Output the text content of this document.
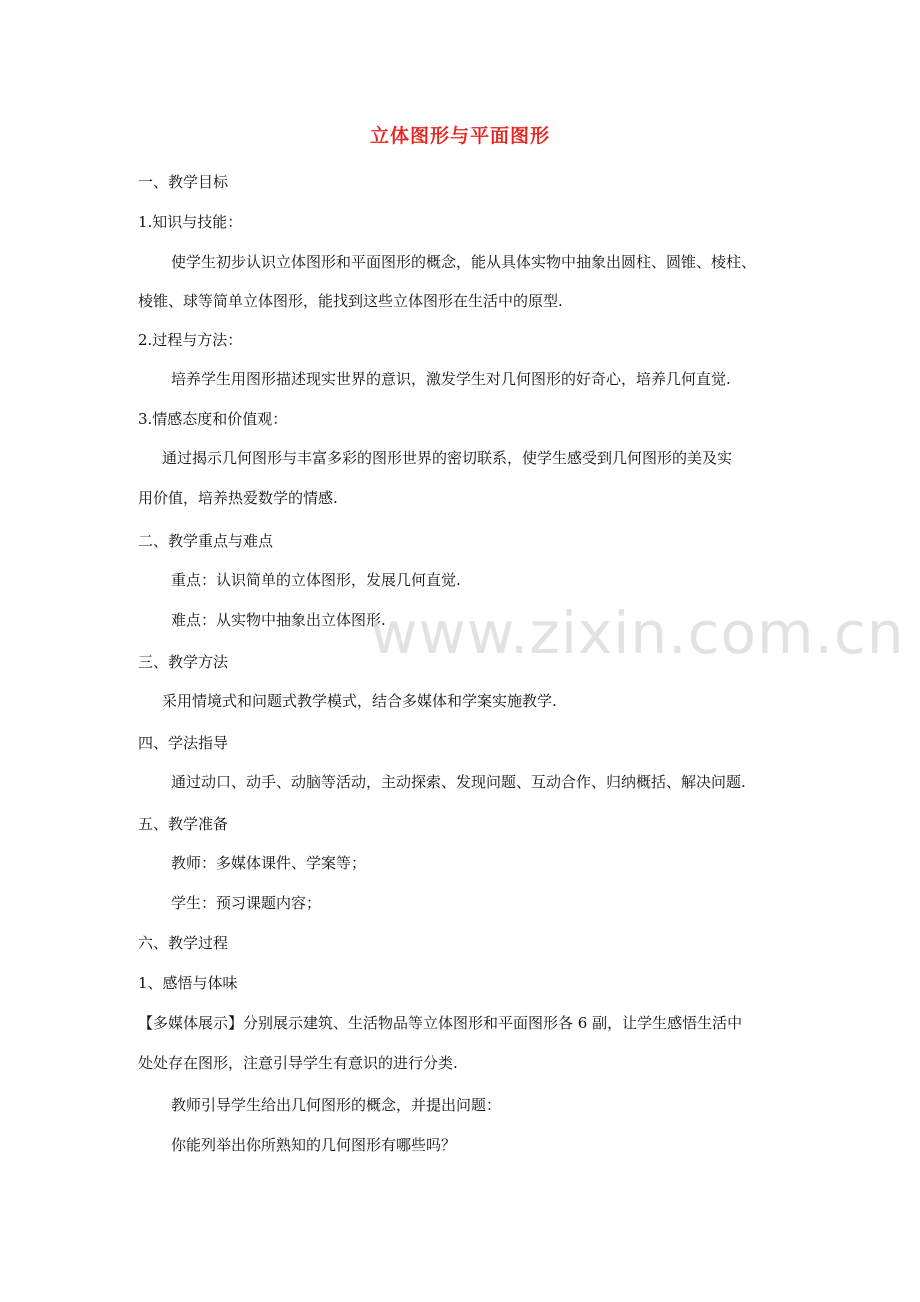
立体图形与平面图形
一、教学目标
1.知识与技能：
使学生初步认识立体图形和平面图形的概念，能从具体实物中抽象出圆柱、圆锥、棱柱、
棱锥、球等简单立体图形，能找到这些立体图形在生活中的原型.
2.过程与方法：
培养学生用图形描述现实世界的意识，激发学生对几何图形的好奇心，培养几何直觉.
3.情感态度和价值观：
通过揭示几何图形与丰富多彩的图形世界的密切联系，使学生感受到几何图形的美及实
用价值，培养热爱数学的情感.
二、教学重点与难点
重点：认识简单的立体图形，发展几何直觉.
难点：从实物中抽象出立体图形.
三、教学方法
采用情境式和问题式教学模式，结合多媒体和学案实施教学.
四、学法指导
通过动口、动手、动脑等活动，主动探索、发现问题、互动合作、归纳概括、解决问题.
五、教学准备
教师：多媒体课件、学案等；
学生：预习课题内容；
六、教学过程
1、感悟与体味
【多媒体展示】分别展示建筑、生活物品等立体图形和平面图形各 6 副，让学生感悟生活中
处处存在图形，注意引导学生有意识的进行分类.
教师引导学生给出几何图形的概念，并提出问题：
你能列举出你所熟知的几何图形有哪些吗？
www.zixin.com.cn
